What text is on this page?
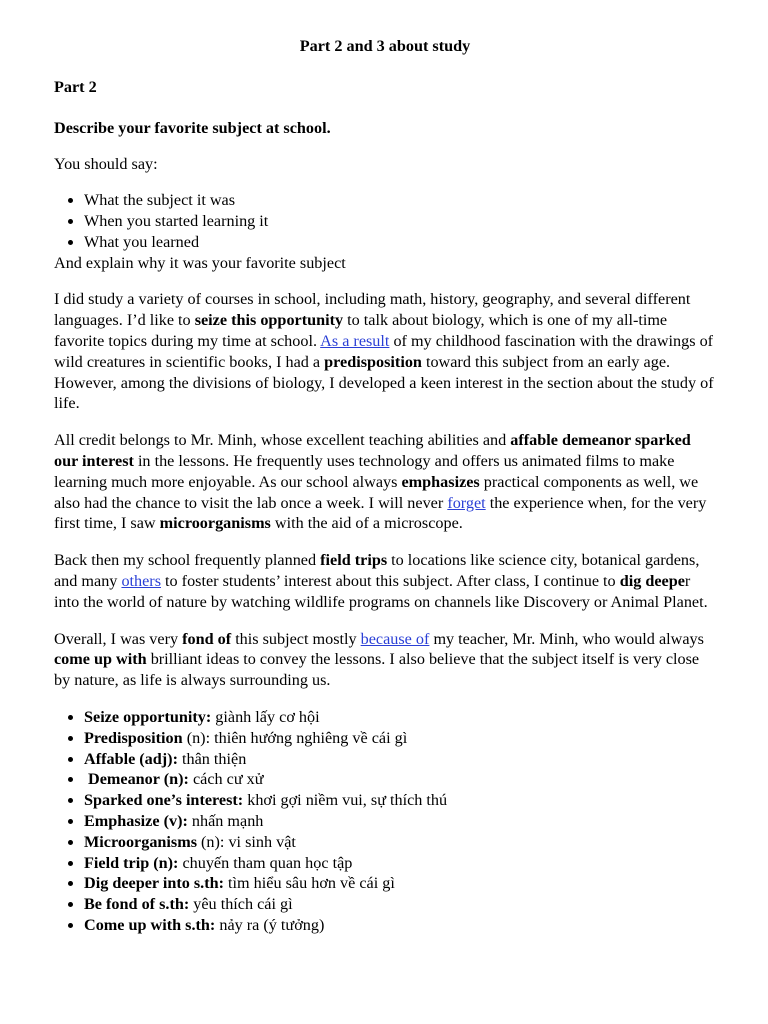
Part 2 and 3 about study
Part 2
Describe your favorite subject at school.
You should say:
• What the subject it was
• When you started learning it
• What you learned
And explain why it was your favorite subject
I did study a variety of courses in school, including math, history, geography, and several different languages. I’d like to seize this opportunity to talk about biology, which is one of my all-time favorite topics during my time at school. As a result of my childhood fascination with the drawings of wild creatures in scientific books, I had a predisposition toward this subject from an early age. However, among the divisions of biology, I developed a keen interest in the section about the study of life.
All credit belongs to Mr. Minh, whose excellent teaching abilities and affable demeanor sparked our interest in the lessons. He frequently uses technology and offers us animated films to make learning much more enjoyable. As our school always emphasizes practical components as well, we also had the chance to visit the lab once a week. I will never forget the experience when, for the very first time, I saw microorganisms with the aid of a microscope.
Back then my school frequently planned field trips to locations like science city, botanical gardens, and many others to foster students’ interest about this subject. After class, I continue to dig deeper into the world of nature by watching wildlife programs on channels like Discovery or Animal Planet.
Overall, I was very fond of this subject mostly because of my teacher, Mr. Minh, who would always come up with brilliant ideas to convey the lessons. I also believe that the subject itself is very close by nature, as life is always surrounding us.
• Seize opportunity: giành lấy cơ hội
• Predisposition (n): thiên hướng nghiêng về cái gì
• Affable (adj): thân thiện
•  Demeanor (n): cách cư xử
• Sparked one’s interest: khơi gợi niềm vui, sự thích thú
• Emphasize (v): nhấn mạnh
• Microorganisms (n): vi sinh vật
• Field trip (n): chuyến tham quan học tập
• Dig deeper into s.th: tìm hiểu sâu hơn về cái gì
• Be fond of s.th: yêu thích cái gì
• Come up with s.th: nảy ra (ý tưởng)
